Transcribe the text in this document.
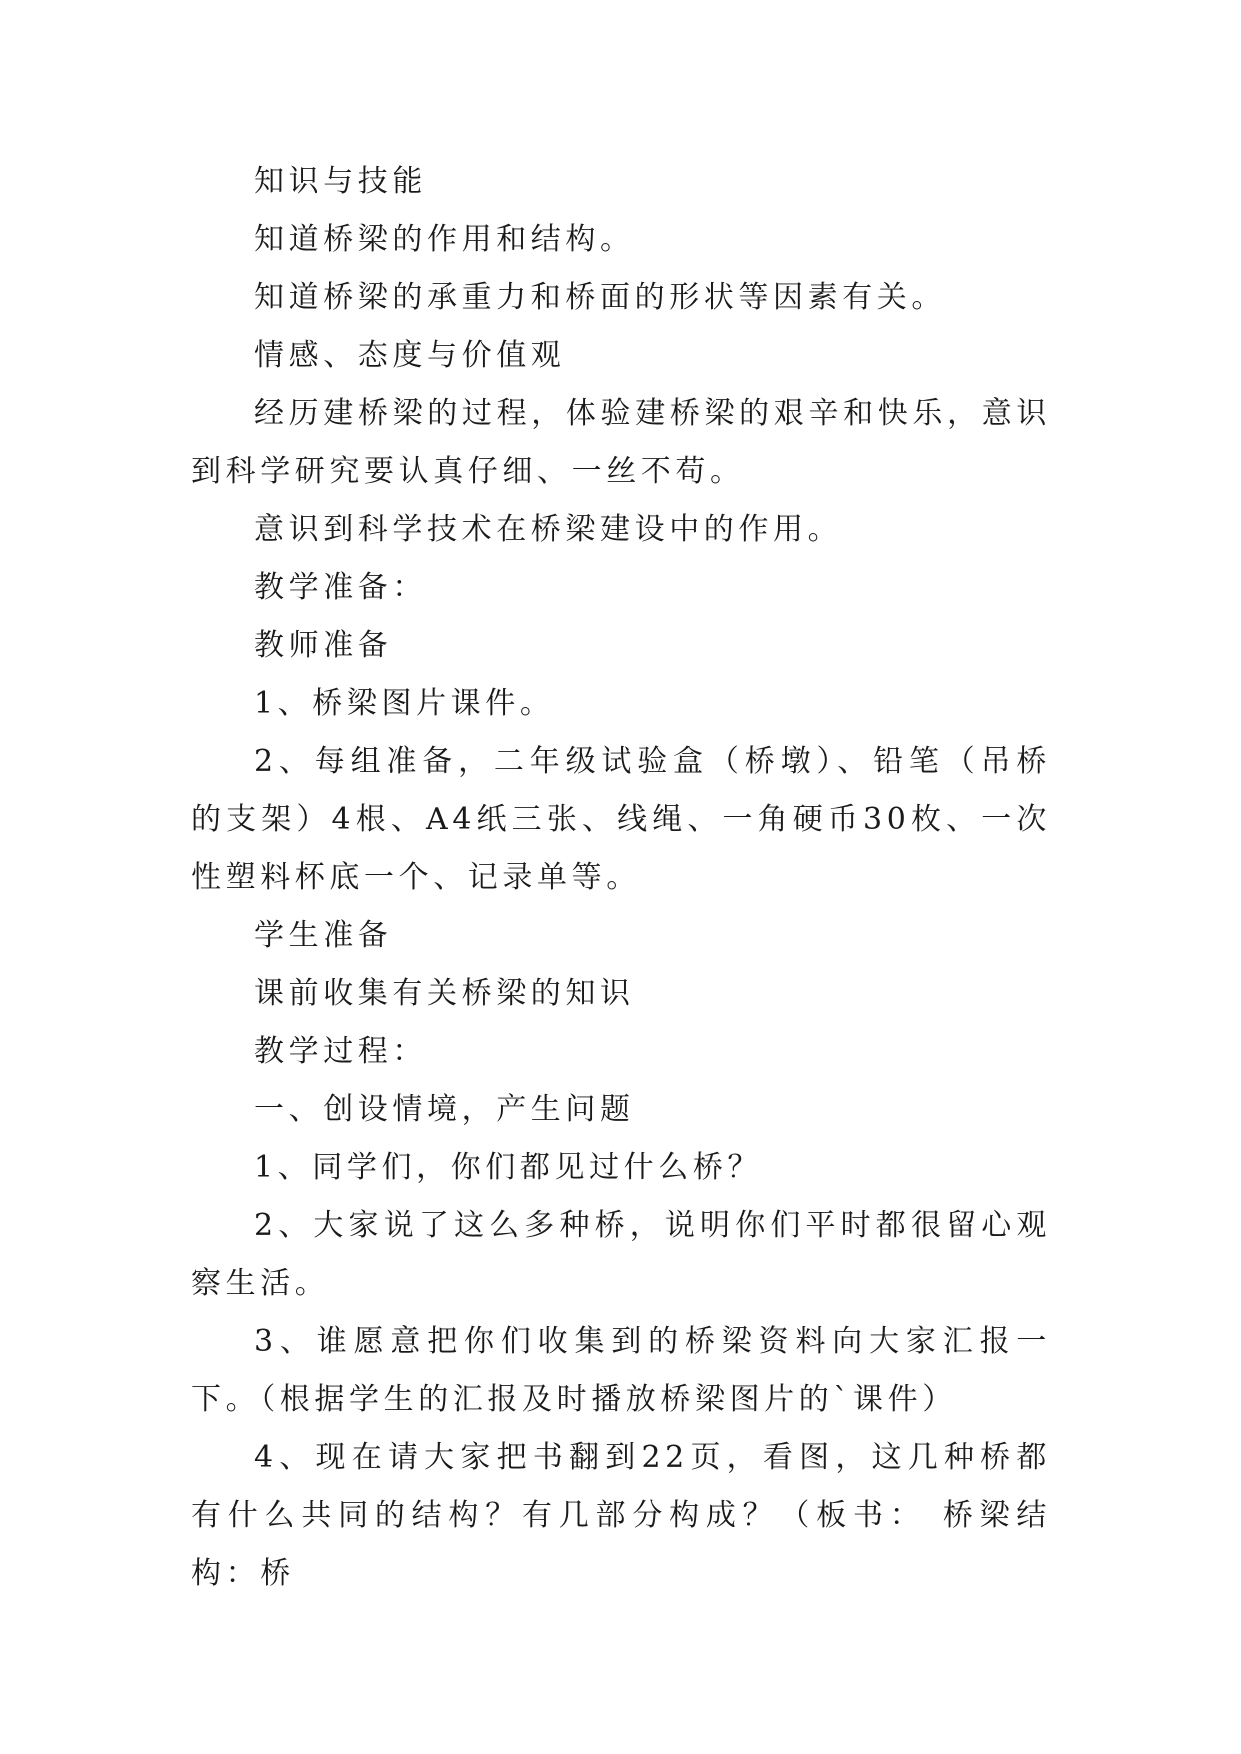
知识与技能

知道桥梁的作用和结构。

知道桥梁的承重力和桥面的形状等因素有关。

情感、态度与价值观

经历建桥梁的过程，体验建桥梁的艰辛和快乐，意识到科学研究要认真仔细、一丝不苟。

意识到科学技术在桥梁建设中的作用。

教学准备：

教师准备

1、桥梁图片课件。

2、每组准备，二年级试验盒（桥墩）、铅笔（吊桥的支架）4根、A4纸三张、线绳、一角硬币30枚、一次性塑料杯底一个、记录单等。

学生准备

课前收集有关桥梁的知识

教学过程：

一、创设情境，产生问题

1、同学们，你们都见过什么桥？

2、大家说了这么多种桥，说明你们平时都很留心观察生活。

3、谁愿意把你们收集到的桥梁资料向大家汇报一下。（根据学生的汇报及时播放桥梁图片的`课件）

4、现在请大家把书翻到22页，看图，这几种桥都有什么共同的结构？有几部分构成？（板书： 桥梁结构：桥
